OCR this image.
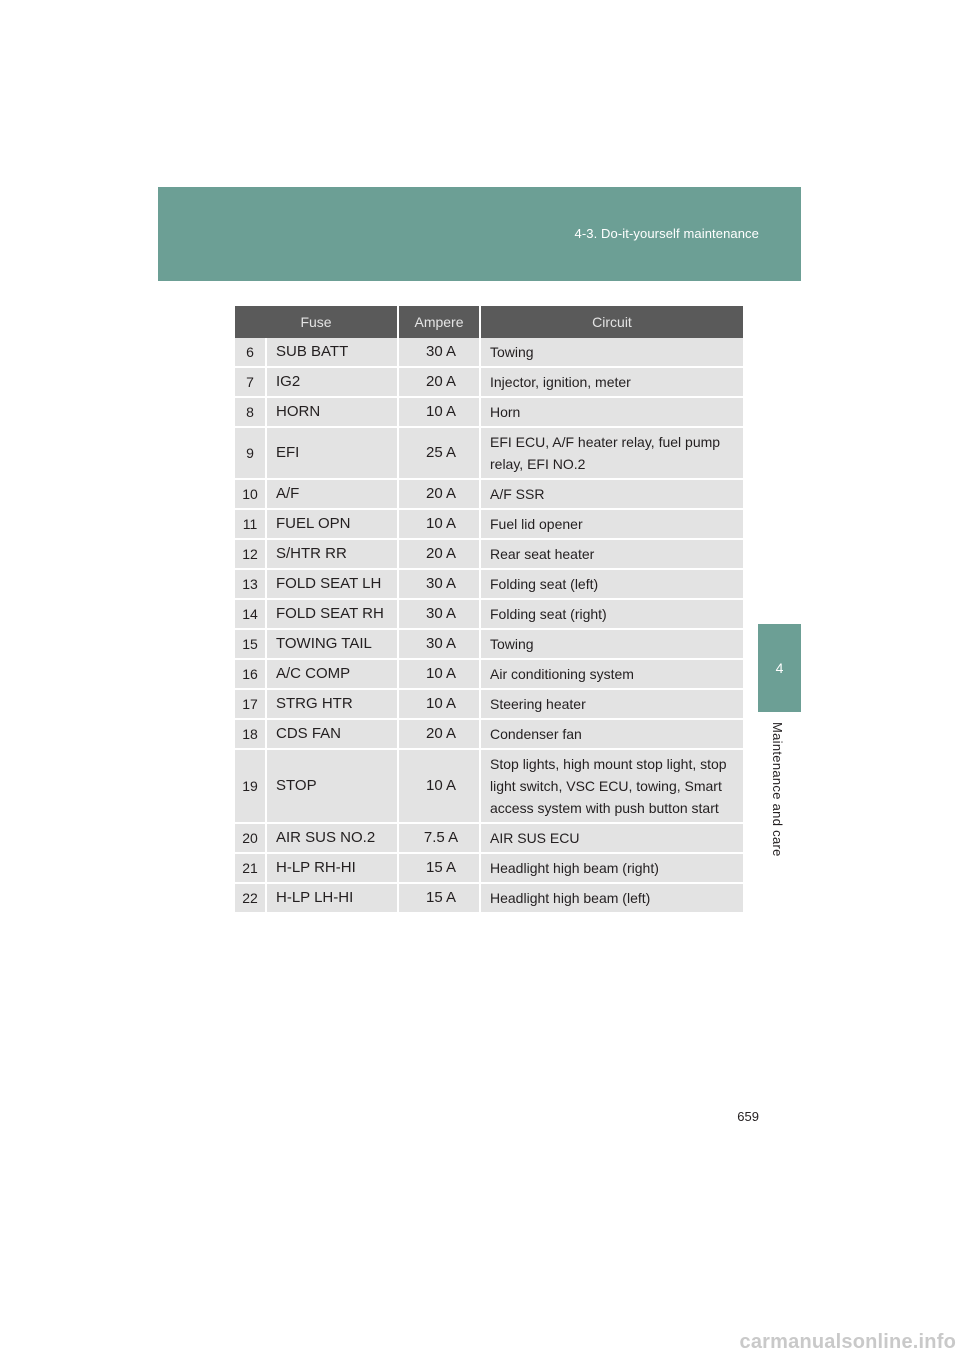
4-3. Do-it-yourself maintenance
4
Maintenance and care
Fuse		Ampere	Circuit
6	SUB BATT	30 A	Towing
7	IG2	20 A	Injector, ignition, meter
8	HORN	10 A	Horn
9	EFI	25 A	EFI ECU, A/F heater relay, fuel pump relay, EFI NO.2
10	A/F	20 A	A/F SSR
11	FUEL OPN	10 A	Fuel lid opener
12	S/HTR RR	20 A	Rear seat heater
13	FOLD SEAT LH	30 A	Folding seat (left)
14	FOLD SEAT RH	30 A	Folding seat (right)
15	TOWING TAIL	30 A	Towing
16	A/C COMP	10 A	Air conditioning system
17	STRG HTR	10 A	Steering heater
18	CDS FAN	20 A	Condenser fan
19	STOP	10 A	Stop lights, high mount stop light, stop light switch, VSC ECU, towing, Smart access system with push button start
20	AIR SUS NO.2	7.5 A	AIR SUS ECU
21	H-LP RH-HI	15 A	Headlight high beam (right)
22	H-LP LH-HI	15 A	Headlight high beam (left)
659
carmanualsonline.info
